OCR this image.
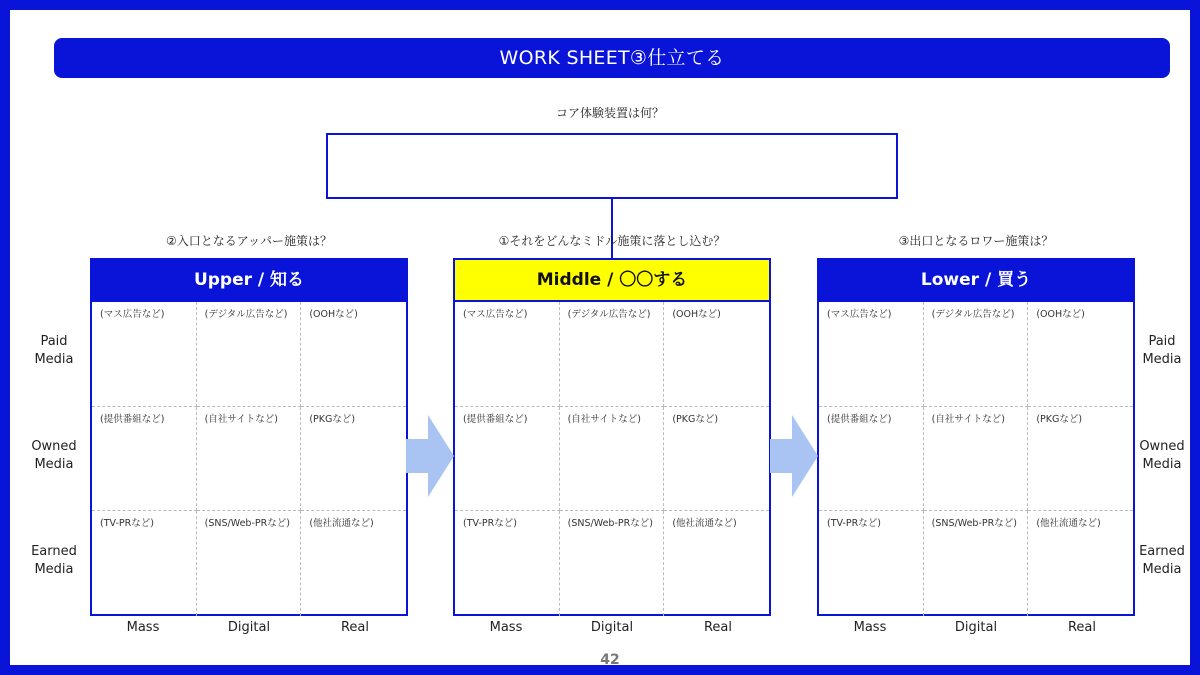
WORK SHEET③仕立てる
コア体験装置は何？
②入口となるアッパー施策は？	①それをどんなミドル施策に落とし込む？	③出口となるロワー施策は？
Upper / 知る
(マス広告など)	(デジタル広告など)	(OOHなど)
(提供番組など)	(自社サイトなど)	(PKGなど)
(TV-PRなど)	(SNS/Web-PRなど)	(他社流通など)
Middle / 〇〇する
(マス広告など)	(デジタル広告など)	(OOHなど)
(提供番組など)	(自社サイトなど)	(PKGなど)
(TV-PRなど)	(SNS/Web-PRなど)	(他社流通など)
Lower / 買う
(マス広告など)	(デジタル広告など)	(OOHなど)
(提供番組など)	(自社サイトなど)	(PKGなど)
(TV-PRなど)	(SNS/Web-PRなど)	(他社流通など)
Mass	Digital	Real	Mass	Digital	Real	Mass	Digital	Real
Paid
Media
Owned
Media
Earned
Media
Paid
Media
Owned
Media
Earned
Media
42
